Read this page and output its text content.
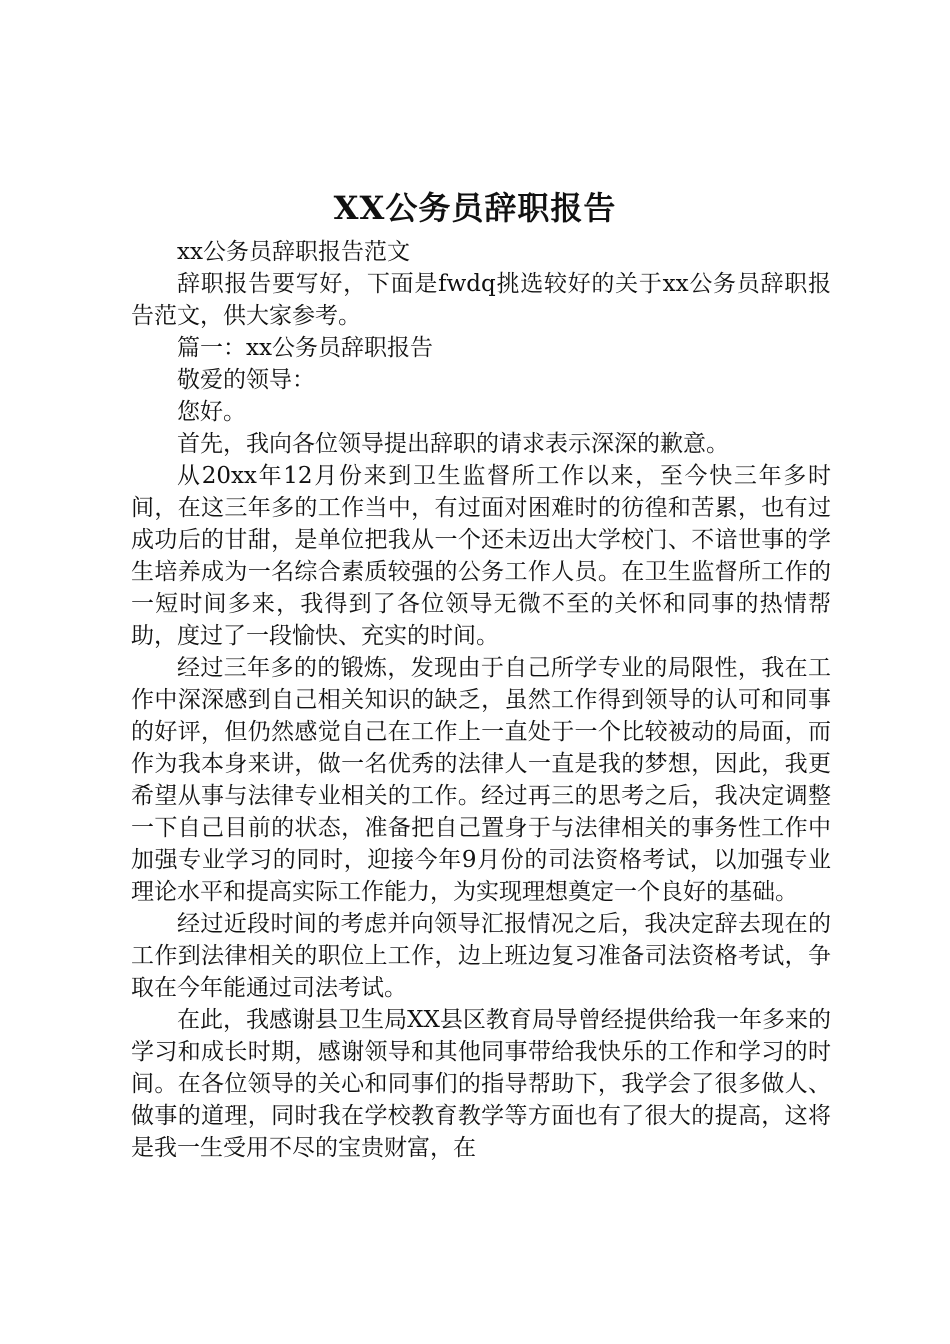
XX公务员辞职报告

xx公务员辞职报告范文

辞职报告要写好，下面是fwdq挑选较好的关于xx公务员辞职报告范文，供大家参考。

篇一：xx公务员辞职报告

敬爱的领导：

您好。

首先，我向各位领导提出辞职的请求表示深深的歉意。

从20xx年12月份来到卫生监督所工作以来，至今快三年多时间，在这三年多的工作当中，有过面对困难时的彷徨和苦累，也有过成功后的甘甜，是单位把我从一个还未迈出大学校门、不谙世事的学生培养成为一名综合素质较强的公务工作人员。在卫生监督所工作的一短时间多来，我得到了各位领导无微不至的关怀和同事的热情帮助，度过了一段愉快、充实的时间。

经过三年多的的锻炼，发现由于自己所学专业的局限性，我在工作中深深感到自己相关知识的缺乏，虽然工作得到领导的认可和同事的好评，但仍然感觉自己在工作上一直处于一个比较被动的局面，而作为我本身来讲，做一名优秀的法律人一直是我的梦想，因此，我更希望从事与法律专业相关的工作。经过再三的思考之后，我决定调整一下自己目前的状态，准备把自己置身于与法律相关的事务性工作中加强专业学习的同时，迎接今年9月份的司法资格考试，以加强专业理论水平和提高实际工作能力，为实现理想奠定一个良好的基础。

经过近段时间的考虑并向领导汇报情况之后，我决定辞去现在的工作到法律相关的职位上工作，边上班边复习准备司法资格考试，争取在今年能通过司法考试。

在此，我感谢县卫生局XX县区教育局导曾经提供给我一年多来的学习和成长时期，感谢领导和其他同事带给我快乐的工作和学习的时间。在各位领导的关心和同事们的指导帮助下，我学会了很多做人、做事的道理，同时我在学校教育教学等方面也有了很大的提高，这将是我一生受用不尽的宝贵财富，在
